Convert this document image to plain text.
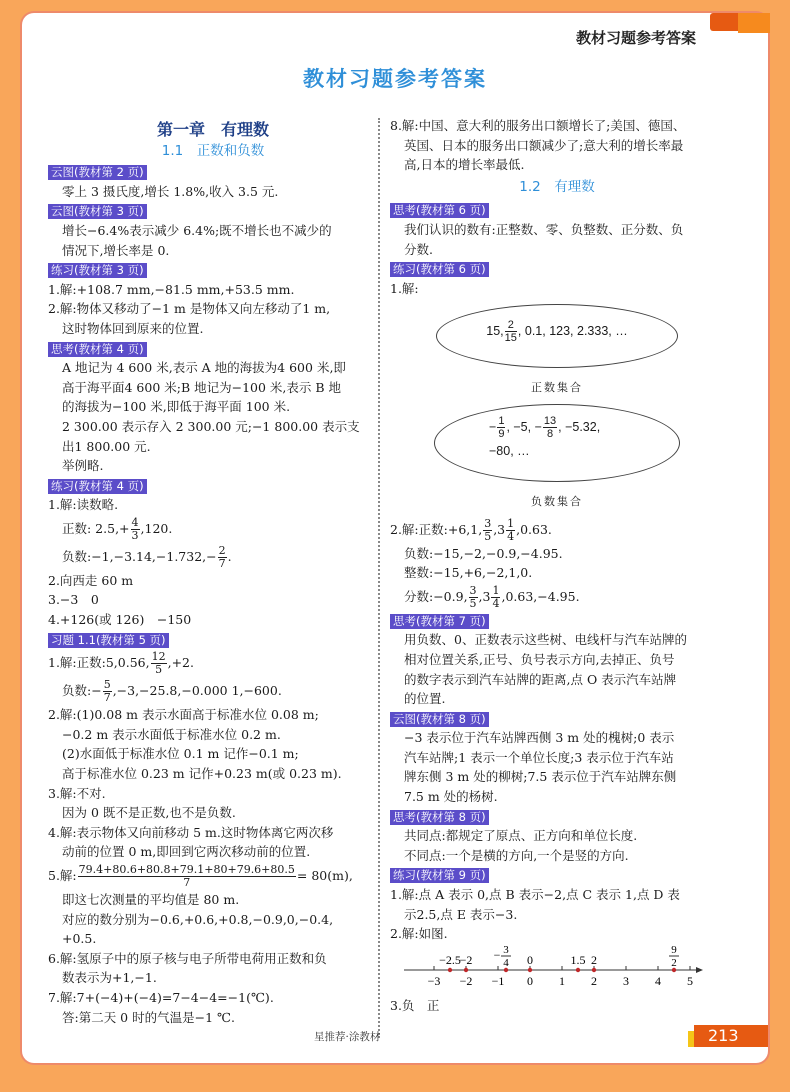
教材习题参考答案
教材习题参考答案
第一章　有理数
1.1　正数和负数
云图(教材第 2 页)
零上 3 摄氏度,增长 1.8%,收入 3.5 元.
云图(教材第 3 页)
增长−6.4%表示减少 6.4%;既不增长也不减少的
情况下,增长率是 0.
练习(教材第 3 页)
1.解:+108.7 mm,−81.5 mm,+53.5 mm.
2.解:物体又移动了−1 m 是物体又向左移动了1 m,
这时物体回到原来的位置.
思考(教材第 4 页)
A 地记为 4 600 米,表示 A 地的海拔为4 600 米,即
高于海平面4 600 米;B 地记为−100 米,表示 B 地
的海拔为−100 米,即低于海平面 100 米.
2 300.00 表示存入 2 300.00 元;−1 800.00 表示支
出1 800.00 元.
举例略.
练习(教材第 4 页)
1.解:读数略.
正数: $2.5,+ \frac{4}{3} ,120$.
负数:−1,−3.14,−1.732,− $\frac{2}{7}$ .
2.向西走 60 m
3.−3　0
4.+126(或 126)　−150
习题 1.1(教材第 5 页)
1.解:正数:5,0.56, $\frac{12}{5} ,+2$.
负数:− $\frac{5}{7} ,-3,-25.8,-0.000$ 1,−600.
2.解:(1)0.08 m 表示水面高于标准水位 0.08 m;
−0.2 m 表示水面低于标准水位 0.2 m.
(2)水面低于标准水位 0.1 m 记作−0.1 m;
高于标准水位 0.23 m 记作+0.23 m(或 0.23 m).
3.解:不对.
因为 0 既不是正数,也不是负数.
4.解:表示物体又向前移动 5 m.这时物体离它两次移
动前的位置 0 m,即回到它两次移动前的位置.
5.解: $\frac{79.4+80.6+80.8+79.1+80+79.6+80.5}{7} = 80(m)$,
即这七次测量的平均值是 80 m.
对应的数分别为−0.6,+0.6,+0.8,−0.9,0,−0.4,
+0.5.
6.解:氢原子中的原子核与电子所带电荷用正数和负
数表示为+1,−1.
7.解:7+(−4)+(−4)=7−4−4=−1(℃).
答:第二天 0 时的气温是−1 ℃.
8.解:中国、意大利的服务出口额增长了;美国、德国、
英国、日本的服务出口额减少了;意大利的增长率最
高,日本的增长率最低.
1.2　有理数
思考(教材第 6 页)
我们认识的数有:正整数、零、负整数、正分数、负
分数.
练习(教材第 6 页)
1.解:
15, $\frac{2}{15}$ , 0.1, 123, 2.333, …
正数集合
− $\frac{1}{9}$ , −5, − $\frac{13}{8}$ , −5.32,
−80, …
负数集合
2.解:正数:+6,1, $\frac{3}{5} ,3 \frac{1}{4} ,0.63$.
负数:−15,−2,−0.9,−4.95.
整数:−15,+6,−2,1,0.
分数:−0.9, $\frac{3}{5} ,3 \frac{1}{4} ,0.63,-4.95$.
思考(教材第 7 页)
用负数、0、正数表示这些树、电线杆与汽车站牌的
相对位置关系,正号、负号表示方向,去掉正、负号
的数字表示到汽车站牌的距离,点 O 表示汽车站牌
的位置.
云图(教材第 8 页)
−3 表示位于汽车站牌西侧 3 m 处的槐树;0 表示
汽车站牌;1 表示一个单位长度;3 表示位于汽车站
牌东侧 3 m 处的柳树;7.5 表示位于汽车站牌东侧
7.5 m 处的杨树.
思考(教材第 8 页)
共同点:都规定了原点、正方向和单位长度.
不同点:一个是横的方向,一个是竖的方向.
练习(教材第 9 页)
1.解:点 A 表示 0,点 B 表示−2,点 C 表示 1,点 D 表
示2.5,点 E 表示−3.
2.解:如图.
−3 −2 −1 0 1 2 3 4 5
−2.5
−2 − 3
4 0	1.5 2
9
2
3.负　正
星推荐·涂教材	213
